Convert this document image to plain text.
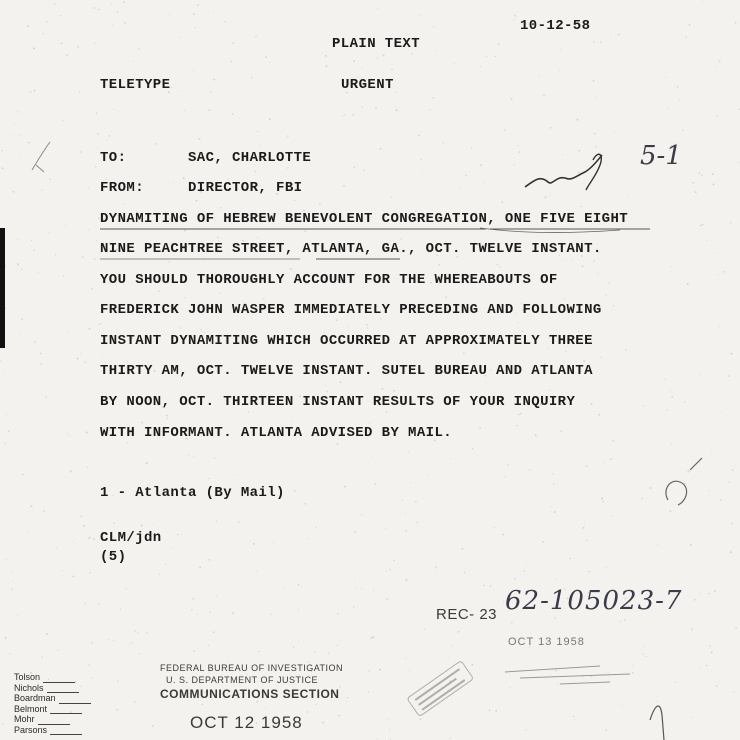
10-12-58
PLAIN TEXT
TELETYPE	URGENT
TO:	SAC, CHARLOTTE
FROM:	DIRECTOR, FBI
DYNAMITING OF HEBREW BENEVOLENT CONGREGATION, ONE FIVE EIGHT
NINE PEACHTREE STREET, ATLANTA, GA., OCT. TWELVE INSTANT.
YOU SHOULD THOROUGHLY ACCOUNT FOR THE WHEREABOUTS OF
FREDERICK JOHN WASPER IMMEDIATELY PRECEDING AND FOLLOWING
INSTANT DYNAMITING WHICH OCCURRED AT APPROXIMATELY THREE
THIRTY AM, OCT. TWELVE INSTANT. SUTEL BUREAU AND ATLANTA
BY NOON, OCT. THIRTEEN INSTANT RESULTS OF YOUR INQUIRY
WITH INFORMANT. ATLANTA ADVISED BY MAIL.
1 - Atlanta (By Mail)
CLM/jdn
(5)
5-1
62-105023-7
REC- 23
OCT 13 1958
FEDERAL BUREAU OF INVESTIGATION
U. S. DEPARTMENT OF JUSTICE
COMMUNICATIONS SECTION
OCT 12 1958
Tolson
Nichols
Boardman
Belmont
Mohr
Parsons
